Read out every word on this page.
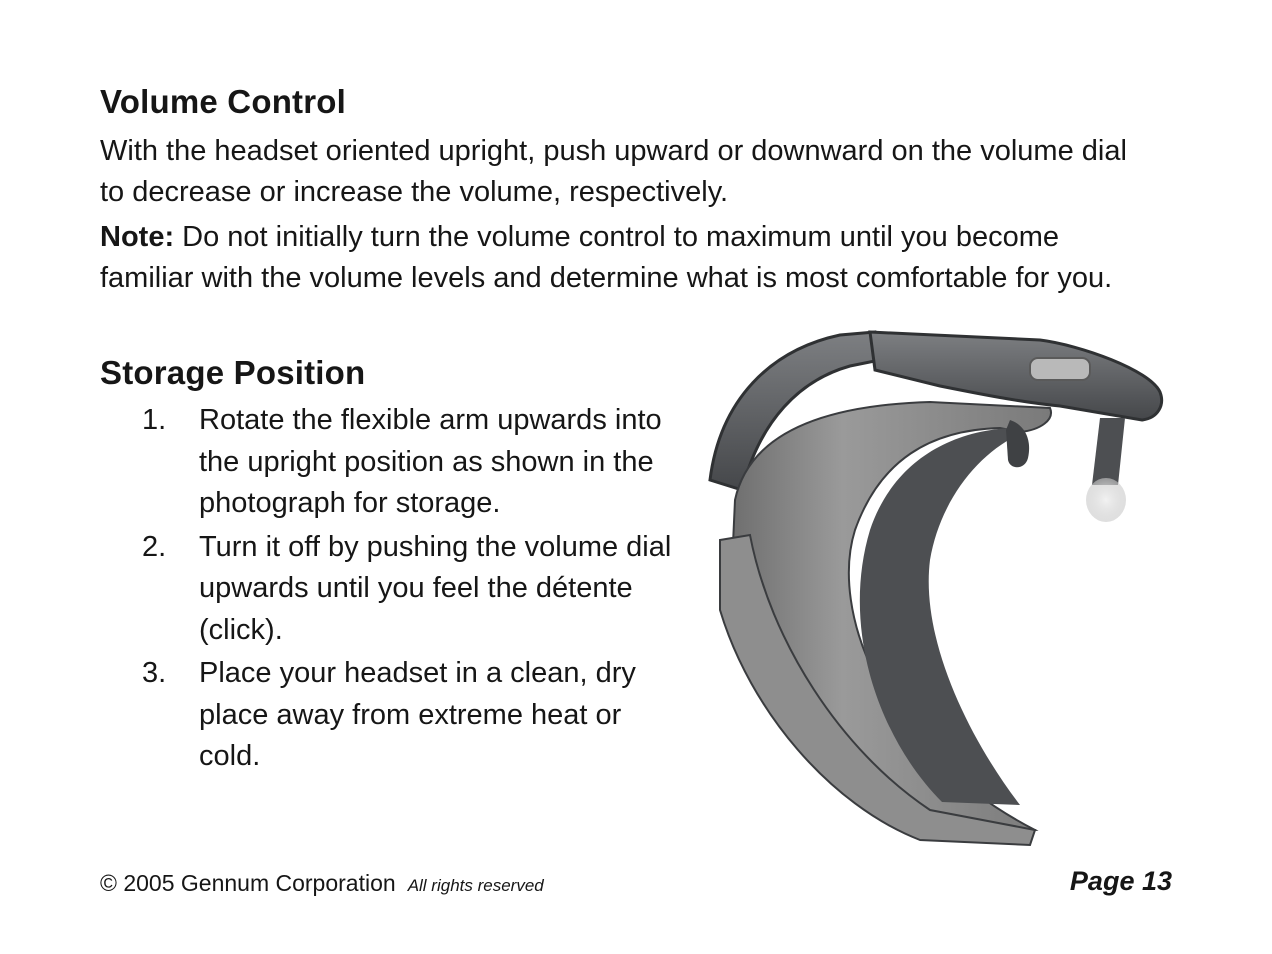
Volume Control

With the headset oriented upright, push upward or downward on the volume dial to decrease or increase the volume, respectively.

Note: Do not initially turn the volume control to maximum until you become familiar with the volume levels and determine what is most comfortable for you.

Storage Position
1. Rotate the flexible arm upwards into the upright position as shown in the photograph for storage.
2. Turn it off by pushing the volume dial upwards until you feel the détente (click).
3. Place your headset in a clean, dry place away from extreme heat or cold.
© 2005 Gennum Corporation All rights reserved	Page 13
